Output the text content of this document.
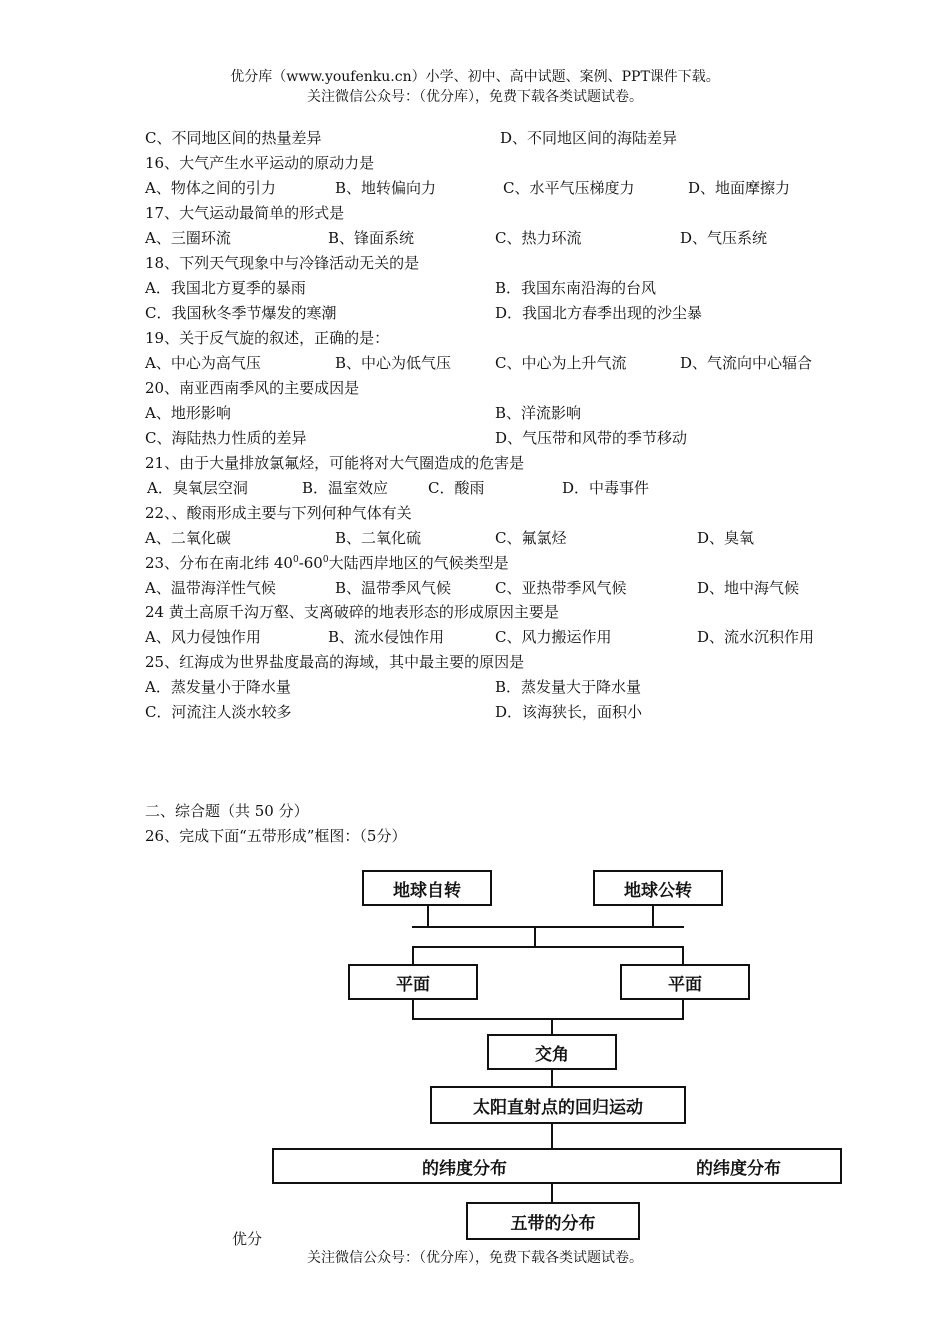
优分库（www.youfenku.cn）小学、初中、高中试题、案例、PPT课件下载。
关注微信公众号：（优分库），免费下载各类试题试卷。
C、不同地区间的热量差异	D、不同地区间的海陆差异
16、大气产生水平运动的原动力是
A、物体之间的引力	B、地转偏向力	C、水平气压梯度力	D、地面摩擦力
17、大气运动最简单的形式是
A、三圈环流	B、锋面系统	C、热力环流	D、气压系统
18、下列天气现象中与冷锋活动无关的是
A．我国北方夏季的暴雨	B．我国东南沿海的台风
C．我国秋冬季节爆发的寒潮	D．我国北方春季出现的沙尘暴
19、关于反气旋的叙述，正确的是：
A、中心为高气压	B、中心为低气压	C、中心为上升气流	D、气流向中心辐合
20、南亚西南季风的主要成因是
A、地形影响	B、洋流影响
C、海陆热力性质的差异	D、气压带和风带的季节移动
21、由于大量排放氯氟烃，可能将对大气圈造成的危害是
A．臭氧层空洞	B．温室效应	C．酸雨	D．中毒事件
22、、酸雨形成主要与下列何种气体有关
A、二氧化碳	B、二氧化硫	C、氟氯烃	D、臭氧
23、分布在南北纬 $40^0-60^0$大陆西岸地区的气候类型是
A、温带海洋性气候	B、温带季风气候	C、亚热带季风气候	D、地中海气候
24 黄土高原千沟万壑、支离破碎的地表形态的形成原因主要是
A、风力侵蚀作用	B、流水侵蚀作用	C、风力搬运作用	D、流水沉积作用
25、红海成为世界盐度最高的海域，其中最主要的原因是
A．蒸发量小于降水量	B．蒸发量大于降水量
C．河流注人淡水较多	D．该海狭长，面积小
二、综合题（共 50 分）
26、完成下面“五带形成”框图：（5分）
地球自转	地球公转
平面	平面
交角
太阳直射点的回归运动
的纬度分布	的纬度分布
五带的分布
优分
关注微信公众号：（优分库），免费下载各类试题试卷。
